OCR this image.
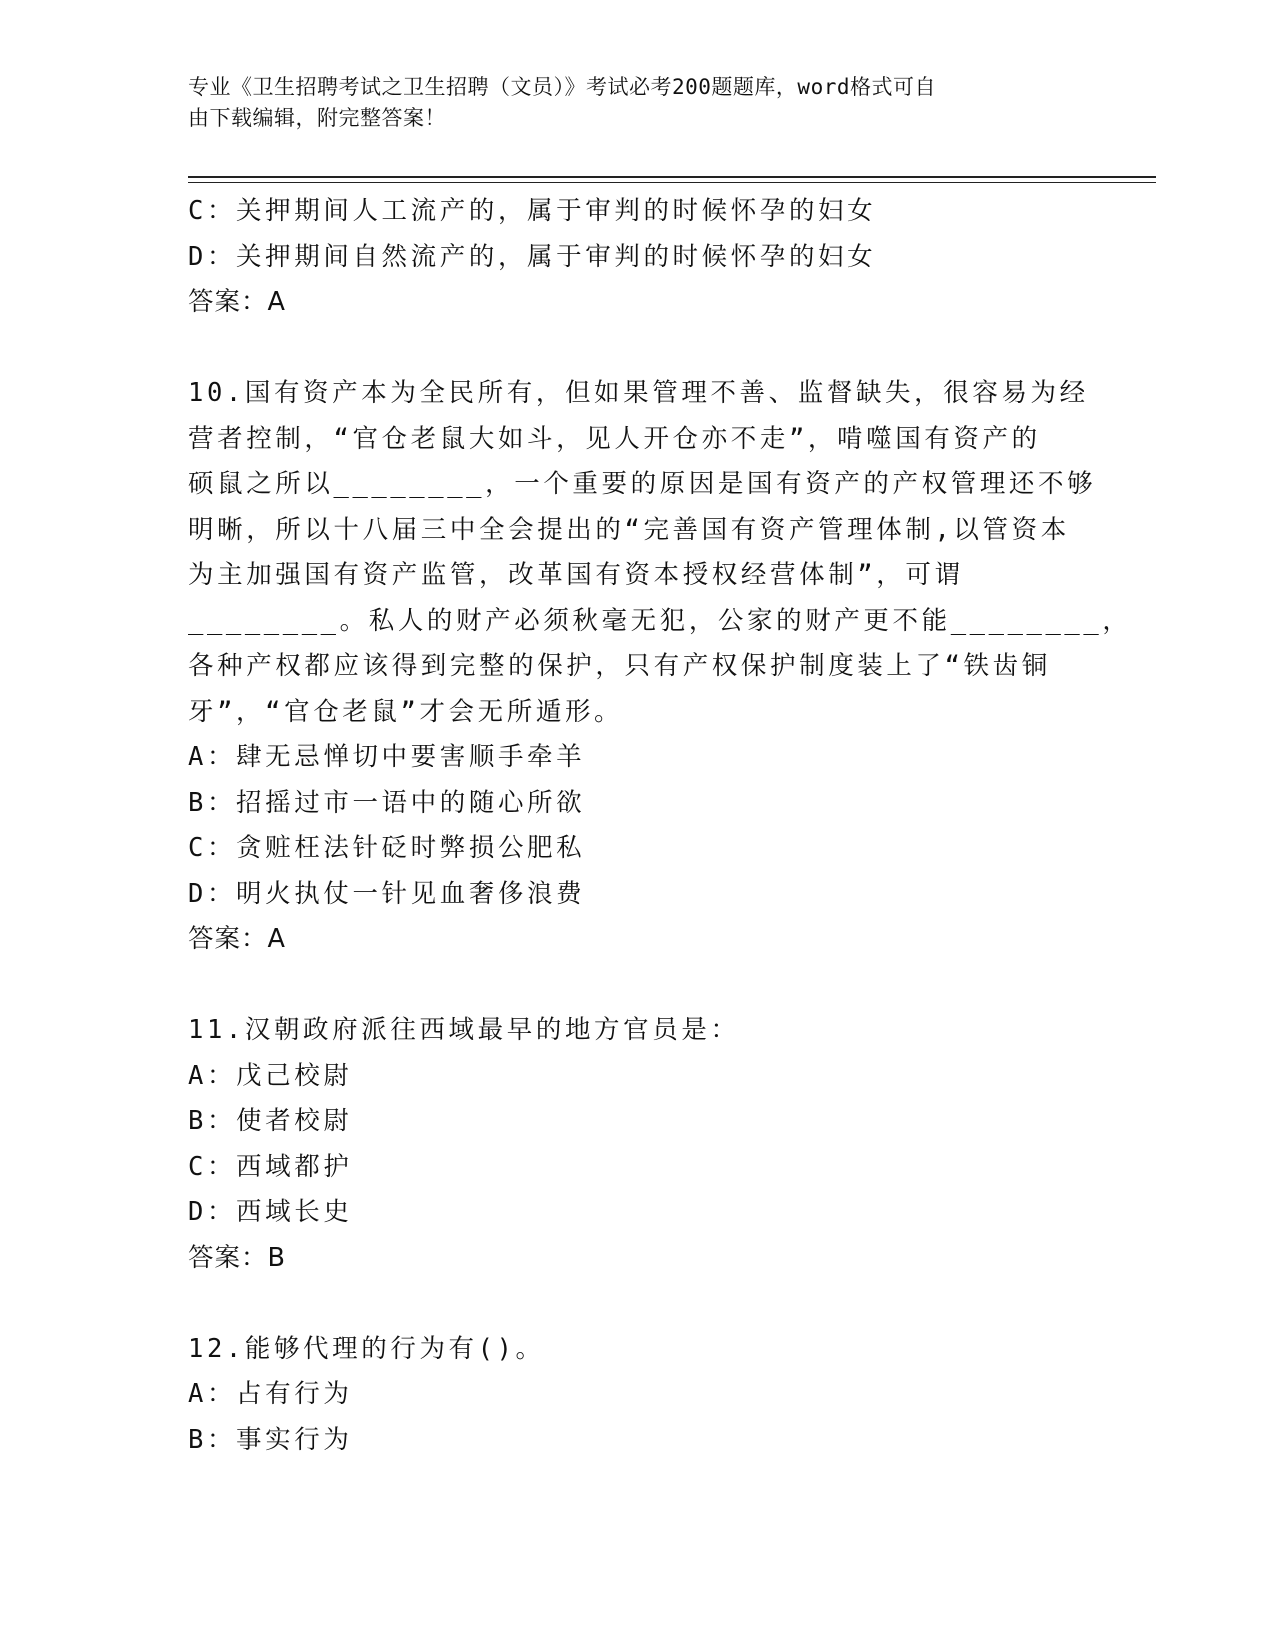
专业《卫生招聘考试之卫生招聘（文员）》考试必考200题题库，word格式可自
由下载编辑，附完整答案！
C：关押期间人工流产的，属于审判的时候怀孕的妇女
D：关押期间自然流产的，属于审判的时候怀孕的妇女
答案：A
10.国有资产本为全民所有，但如果管理不善、监督缺失，很容易为经
营者控制，“官仓老鼠大如斗，见人开仓亦不走”，啃噬国有资产的
硕鼠之所以________，一个重要的原因是国有资产的产权管理还不够
明晰，所以十八届三中全会提出的“完善国有资产管理体制,以管资本
为主加强国有资产监管，改革国有资本授权经营体制”，可谓
________。私人的财产必须秋毫无犯，公家的财产更不能________，
各种产权都应该得到完整的保护，只有产权保护制度装上了“铁齿铜
牙”，“官仓老鼠”才会无所遁形。
A：肆无忌惮切中要害顺手牵羊
B：招摇过市一语中的随心所欲
C：贪赃枉法针砭时弊损公肥私
D：明火执仗一针见血奢侈浪费
答案：A
11.汉朝政府派往西域最早的地方官员是：
A：戊己校尉
B：使者校尉
C：西域都护
D：西域长史
答案：B
12.能够代理的行为有()。
A：占有行为
B：事实行为
